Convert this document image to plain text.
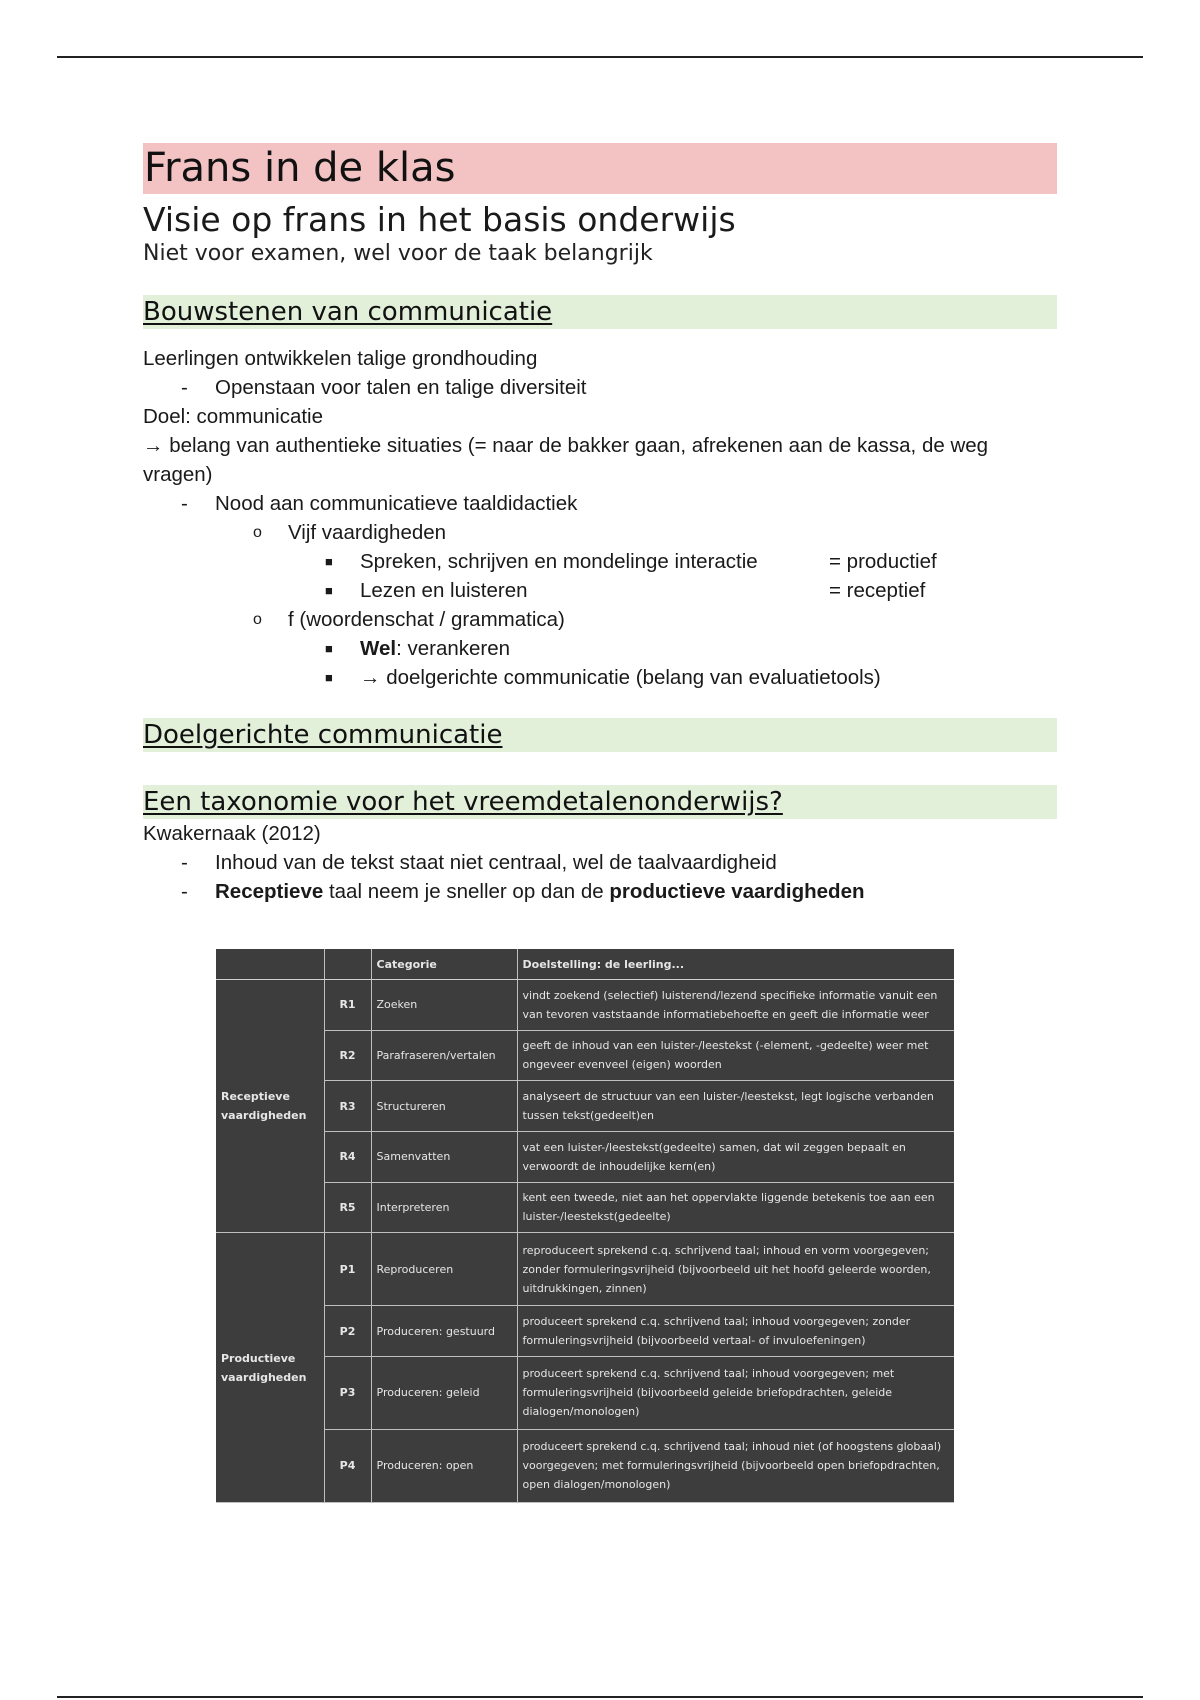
Frans in de klas
Visie op frans in het basis onderwijs
Niet voor examen, wel voor de taak belangrijk
Bouwstenen van communicatie
Leerlingen ontwikkelen talige grondhouding
- Openstaan voor talen en talige diversiteit
Doel: communicatie
→ belang van authentieke situaties (= naar de bakker gaan, afrekenen aan de kassa, de weg vragen)
- Nood aan communicatieve taaldidactiek
o Vijf vaardigheden
■ Spreken, schrijven en mondelinge interactie	= productief
■ Lezen en luisteren	= receptief
o f (woordenschat / grammatica)
■ Wel: verankeren
■ → doelgerichte communicatie (belang van evaluatietools)
Doelgerichte communicatie
Een taxonomie voor het vreemdetalenonderwijs?
Kwakernaak (2012)
- Inhoud van de tekst staat niet centraal, wel de taalvaardigheid
- Receptieve taal neem je sneller op dan de productieve vaardigheden
		Categorie	Doelstelling: de leerling...
Receptieve vaardigheden	R1	Zoeken	vindt zoekend (selectief) luisterend/lezend specifieke informatie vanuit een van tevoren vaststaande informatiebehoefte en geeft die informatie weer
	R2	Parafraseren/vertalen	geeft de inhoud van een luister-/leestekst (-element, -gedeelte) weer met ongeveer evenveel (eigen) woorden
	R3	Structureren	analyseert de structuur van een luister-/leestekst, legt logische verbanden tussen tekst(gedeelt)en
	R4	Samenvatten	vat een luister-/leestekst(gedeelte) samen, dat wil zeggen bepaalt en verwoordt de inhoudelijke kern(en)
	R5	Interpreteren	kent een tweede, niet aan het oppervlakte liggende betekenis toe aan een luister-/leestekst(gedeelte)
Productieve vaardigheden	P1	Reproduceren	reproduceert sprekend c.q. schrijvend taal; inhoud en vorm voorgegeven; zonder formuleringsvrijheid (bijvoorbeeld uit het hoofd geleerde woorden, uitdrukkingen, zinnen)
	P2	Produceren: gestuurd	produceert sprekend c.q. schrijvend taal; inhoud voorgegeven; zonder formuleringsvrijheid (bijvoorbeeld vertaal- of invuloefeningen)
	P3	Produceren: geleid	produceert sprekend c.q. schrijvend taal; inhoud voorgegeven; met formuleringsvrijheid (bijvoorbeeld geleide briefopdrachten, geleide dialogen/monologen)
	P4	Produceren: open	produceert sprekend c.q. schrijvend taal; inhoud niet (of hoogstens globaal) voorgegeven; met formuleringsvrijheid (bijvoorbeeld open briefopdrachten, open dialogen/monologen)
